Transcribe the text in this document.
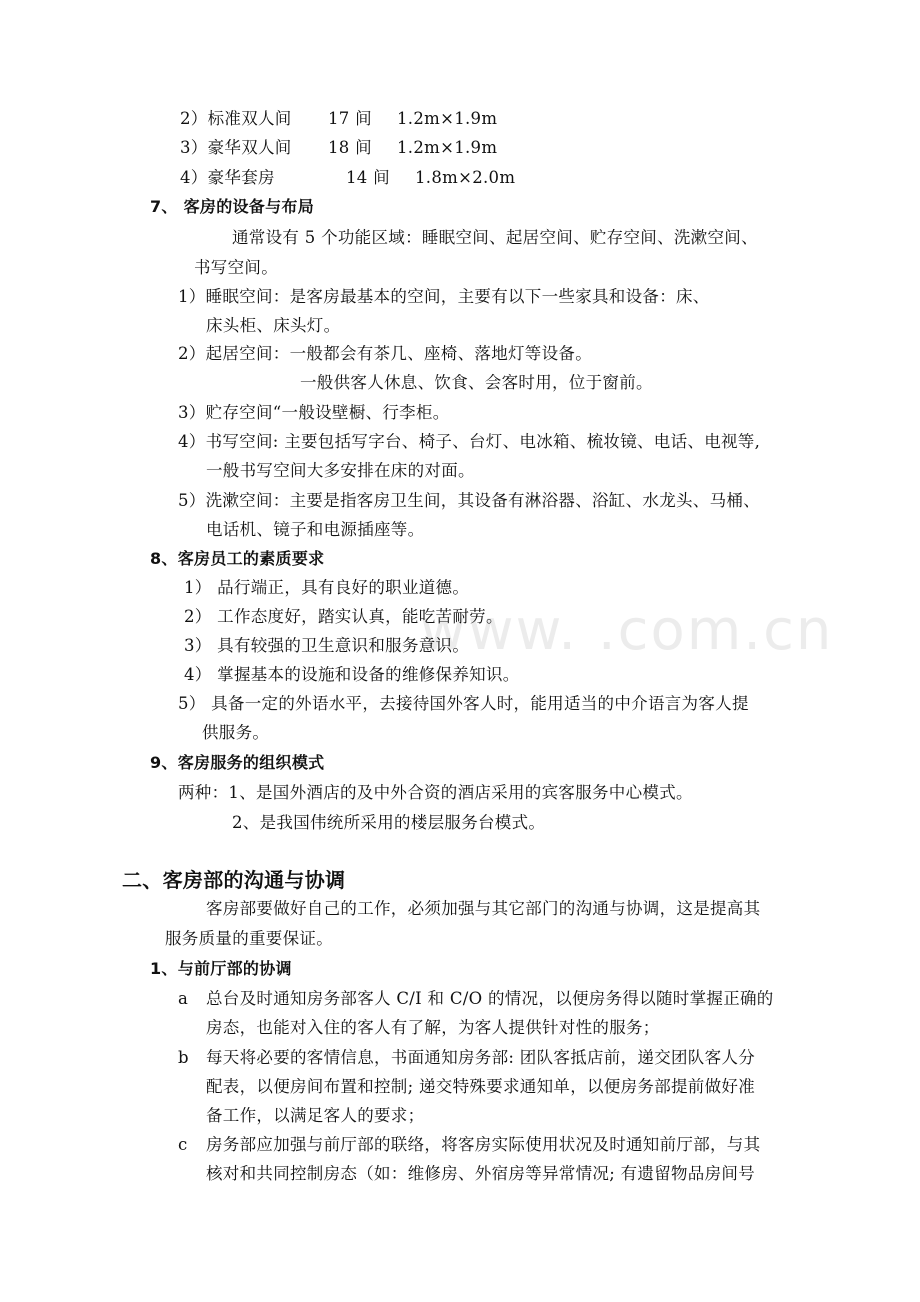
www. .com.cn
2）标准双人间 17 间 1.2m×1.9m
3）豪华双人间 18 间 1.2m×1.9m
4）豪华套房	14 间 1.8m×2.0m
7、 客房的设备与布局
通常设有 5 个功能区域：睡眠空间、起居空间、贮存空间、洗漱空间、
书写空间。
1）睡眠空间：是客房最基本的空间，主要有以下一些家具和设备：床、
床头柜、床头灯。
2）起居空间：一般都会有茶几、座椅、落地灯等设备。
一般供客人休息、饮食、会客时用，位于窗前。
3）贮存空间“一般设壁橱、行李柜。
4）书写空间: 主要包括写字台、椅子、台灯、电冰箱、梳妆镜、电话、电视等,
一般书写空间大多安排在床的对面。
5）洗漱空间：主要是指客房卫生间，其设备有淋浴器、浴缸、水龙头、马桶、
电话机、镜子和电源插座等。
8、客房员工的素质要求
1） 品行端正，具有良好的职业道德。
2） 工作态度好，踏实认真，能吃苦耐劳。
3） 具有较强的卫生意识和服务意识。
4） 掌握基本的设施和设备的维修保养知识。
5） 具备一定的外语水平，去接待国外客人时，能用适当的中介语言为客人提
供服务。
9、客房服务的组织模式
两种：1、是国外酒店的及中外合资的酒店采用的宾客服务中心模式。
2、是我国伟统所采用的楼层服务台模式。
二、客房部的沟通与协调
客房部要做好自己的工作，必须加强与其它部门的沟通与协调，这是提高其
服务质量的重要保证。
1、与前厅部的协调
a 总台及时通知房务部客人 C/I 和 C/O 的情况，以便房务得以随时掌握正确的
房态，也能对入住的客人有了解，为客人提供针对性的服务；
b 每天将必要的客情信息，书面通知房务部: 团队客抵店前，递交团队客人分
配表，以便房间布置和控制; 递交特殊要求通知单，以便房务部提前做好准
备工作，以满足客人的要求；
c 房务部应加强与前厅部的联络，将客房实际使用状况及时通知前厅部，与其
核对和共同控制房态（如：维修房、外宿房等异常情况; 有遗留物品房间号
